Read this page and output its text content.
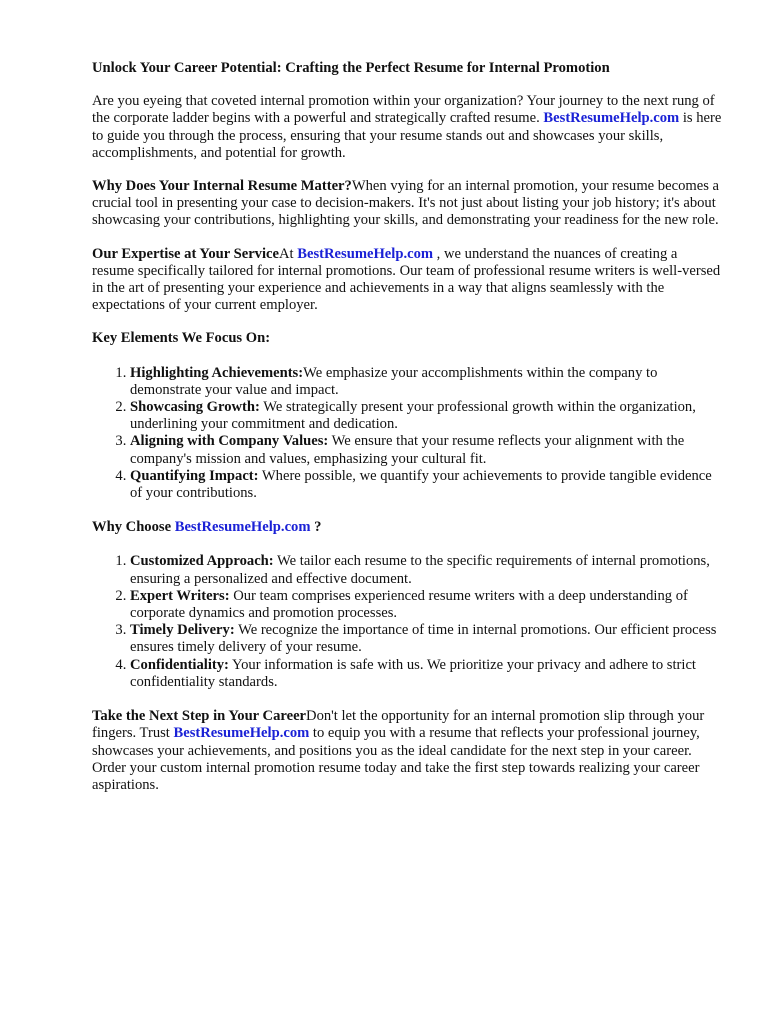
Unlock Your Career Potential: Crafting the Perfect Resume for Internal Promotion

Are you eyeing that coveted internal promotion within your organization? Your journey to the next rung of the corporate ladder begins with a powerful and strategically crafted resume. BestResumeHelp.com is here to guide you through the process, ensuring that your resume stands out and showcases your skills, accomplishments, and potential for growth.

Why Does Your Internal Resume Matter?When vying for an internal promotion, your resume becomes a crucial tool in presenting your case to decision-makers. It's not just about listing your job history; it's about showcasing your contributions, highlighting your skills, and demonstrating your readiness for the new role.

Our Expertise at Your ServiceAt BestResumeHelp.com , we understand the nuances of creating a resume specifically tailored for internal promotions. Our team of professional resume writers is well-versed in the art of presenting your experience and achievements in a way that aligns seamlessly with the expectations of your current employer.

Key Elements We Focus On:
1. Highlighting Achievements:We emphasize your accomplishments within the company to demonstrate your value and impact.
2. Showcasing Growth: We strategically present your professional growth within the organization, underlining your commitment and dedication.
3. Aligning with Company Values: We ensure that your resume reflects your alignment with the company's mission and values, emphasizing your cultural fit.
4. Quantifying Impact: Where possible, we quantify your achievements to provide tangible evidence of your contributions.
Why Choose BestResumeHelp.com ?
1. Customized Approach: We tailor each resume to the specific requirements of internal promotions, ensuring a personalized and effective document.
2. Expert Writers: Our team comprises experienced resume writers with a deep understanding of corporate dynamics and promotion processes.
3. Timely Delivery: We recognize the importance of time in internal promotions. Our efficient process ensures timely delivery of your resume.
4. Confidentiality: Your information is safe with us. We prioritize your privacy and adhere to strict confidentiality standards.

Take the Next Step in Your CareerDon't let the opportunity for an internal promotion slip through your fingers. Trust BestResumeHelp.com to equip you with a resume that reflects your professional journey, showcases your achievements, and positions you as the ideal candidate for the next step in your career. Order your custom internal promotion resume today and take the first step towards realizing your career aspirations.
